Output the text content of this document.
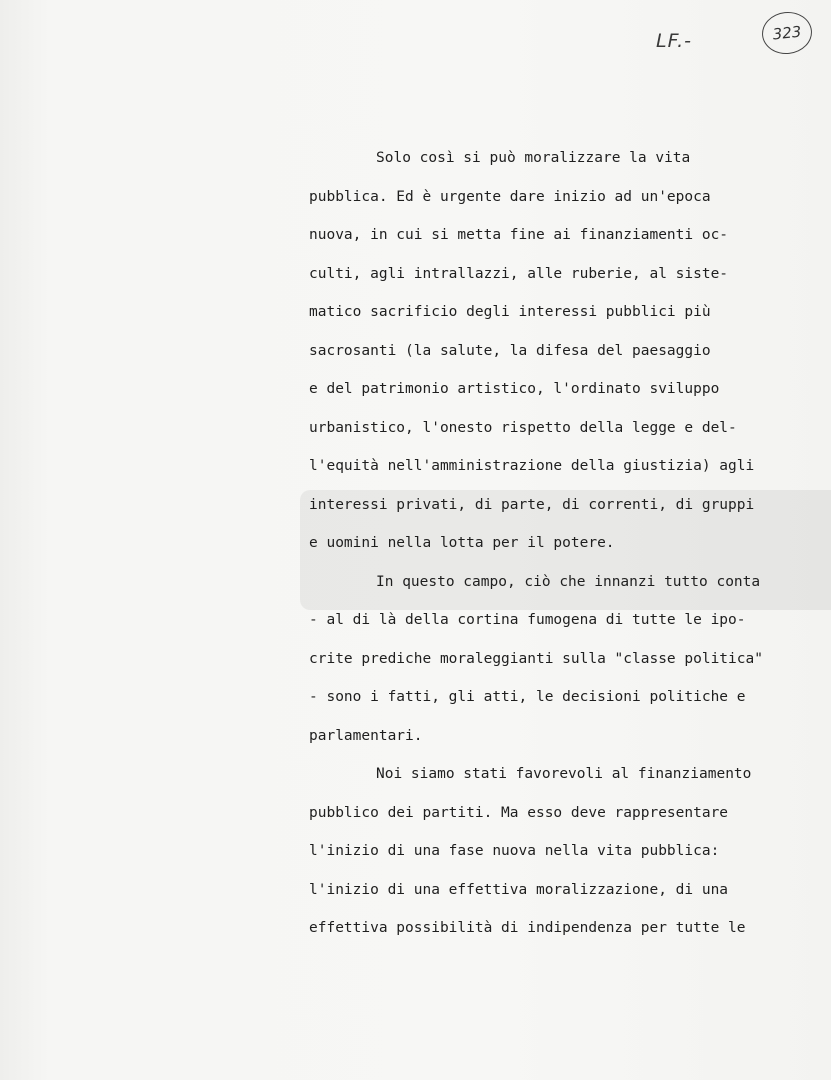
LF.-	323
Solo così si può moralizzare la vita
pubblica. Ed è urgente dare inizio ad un'epoca
nuova, in cui si metta fine ai finanziamenti oc-
culti, agli intrallazzi, alle ruberie, al siste-
matico sacrificio degli interessi pubblici più
sacrosanti (la salute, la difesa del paesaggio
e del patrimonio artistico, l'ordinato sviluppo
urbanistico, l'onesto rispetto della legge e del-
l'equità nell'amministrazione della giustizia) agli
interessi privati, di parte, di correnti, di gruppi
e uomini nella lotta per il potere.
In questo campo, ciò che innanzi tutto conta
- al di là della cortina fumogena di tutte le ipo-
crite prediche moraleggianti sulla "classe politica"
- sono i fatti, gli atti, le decisioni politiche e
parlamentari.
Noi siamo stati favorevoli al finanziamento
pubblico dei partiti. Ma esso deve rappresentare
l'inizio di una fase nuova nella vita pubblica:
l'inizio di una effettiva moralizzazione, di una
effettiva possibilità di indipendenza per tutte le
